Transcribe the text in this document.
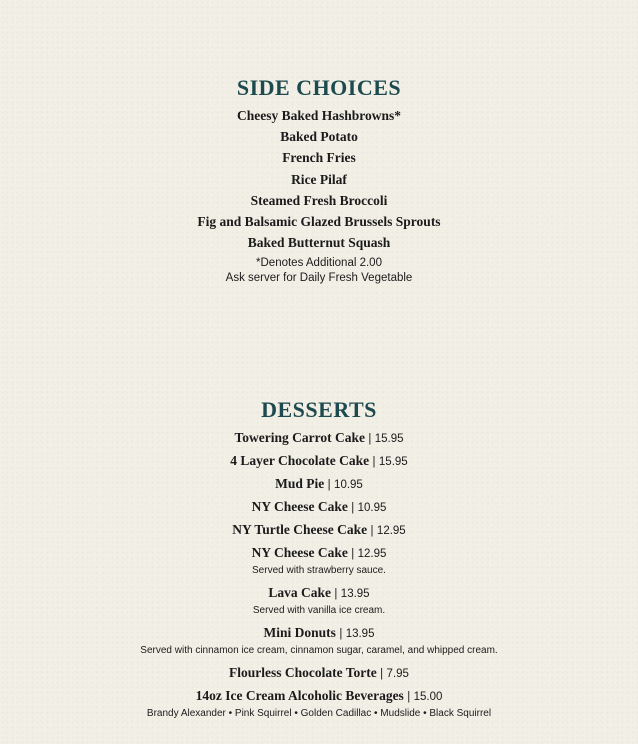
SIDE CHOICES
Cheesy Baked Hashbrowns*
Baked Potato
French Fries
Rice Pilaf
Steamed Fresh Broccoli
Fig and Balsamic Glazed Brussels Sprouts
Baked Butternut Squash
*Denotes Additional 2.00
Ask server for Daily Fresh Vegetable
DESSERTS
Towering Carrot Cake | 15.95
4 Layer Chocolate Cake | 15.95
Mud Pie | 10.95
NY Cheese Cake | 10.95
NY Turtle Cheese Cake | 12.95
NY Cheese Cake | 12.95
Served with strawberry sauce.
Lava Cake | 13.95
Served with vanilla ice cream.
Mini Donuts | 13.95
Served with cinnamon ice cream, cinnamon sugar, caramel, and whipped cream.
Flourless Chocolate Torte | 7.95
14oz Ice Cream Alcoholic Beverages | 15.00
Brandy Alexander • Pink Squirrel • Golden Cadillac • Mudslide • Black Squirrel
